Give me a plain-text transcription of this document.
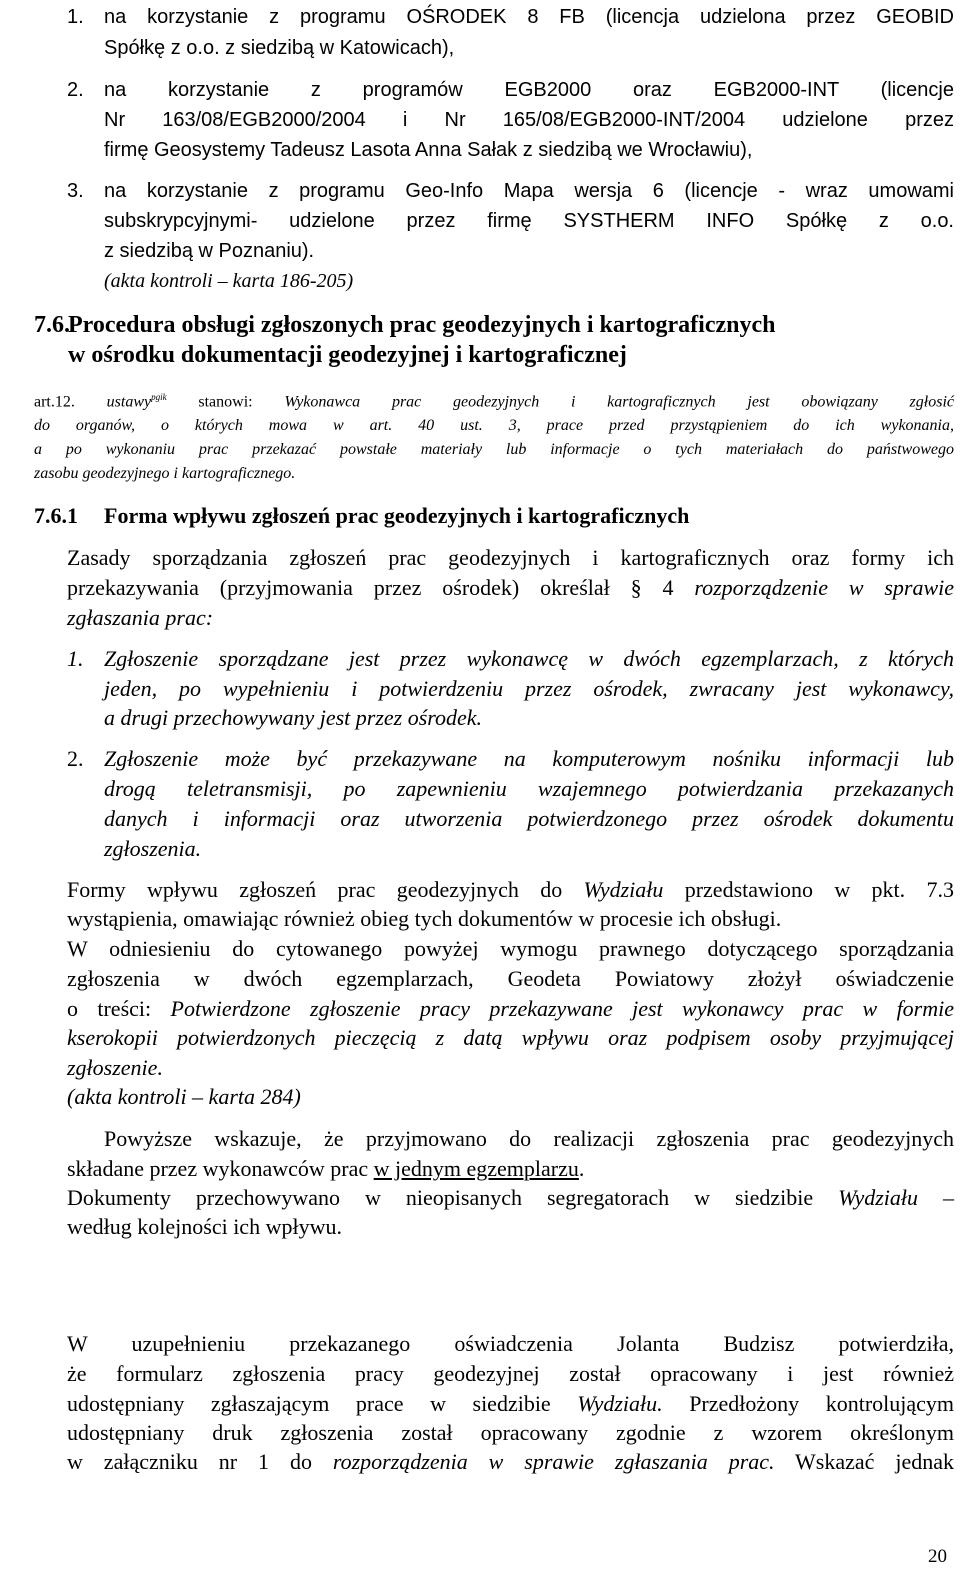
1. na korzystanie z programu OŚRODEK 8 FB (licencja udzielona przez GEOBID
Spółkę z o.o. z siedzibą w Katowicach),
2. na korzystanie z programów EGB2000 oraz EGB2000-INT (licencje
Nr 163/08/EGB2000/2004 i Nr 165/08/EGB2000-INT/2004 udzielone przez
firmę Geosystemy Tadeusz Lasota Anna Sałak z siedzibą we Wrocławiu),
3. na korzystanie z programu Geo-Info Mapa wersja 6 (licencje - wraz umowami
subskrypcyjnymi- udzielone przez firmę SYSTHERM INFO Spółkę z o.o.
z siedzibą w Poznaniu).
(akta kontroli – karta 186-205)
7.6.
Procedura obsługi zgłoszonych prac geodezyjnych i kartograficznych
w ośrodku dokumentacji geodezyjnej i kartograficznej
art.12. ustawy$^{pgik}$ stanowi: Wykonawca prac geodezyjnych i kartograficznych jest obowiązany zgłosić
do organów, o których mowa w art. 40 ust. 3, prace przed przystąpieniem do ich wykonania,
a po wykonaniu prac przekazać powstałe materiały lub informacje o tych materiałach do państwowego
zasobu geodezyjnego i kartograficznego.
7.6.1 Forma wpływu zgłoszeń prac geodezyjnych i kartograficznych
Zasady sporządzania zgłoszeń prac geodezyjnych i kartograficznych oraz formy ich
przekazywania (przyjmowania przez ośrodek) określał § 4 rozporządzenie w sprawie
zgłaszania prac:
1. Zgłoszenie sporządzane jest przez wykonawcę w dwóch egzemplarzach, z których
jeden, po wypełnieniu i potwierdzeniu przez ośrodek, zwracany jest wykonawcy,
a drugi przechowywany jest przez ośrodek.
2. Zgłoszenie może być przekazywane na komputerowym nośniku informacji lub
drogą teletransmisji, po zapewnieniu wzajemnego potwierdzania przekazanych
danych i informacji oraz utworzenia potwierdzonego przez ośrodek dokumentu
zgłoszenia.
Formy wpływu zgłoszeń prac geodezyjnych do Wydziału przedstawiono w pkt. 7.3
wystąpienia, omawiając również obieg tych dokumentów w procesie ich obsługi.
W odniesieniu do cytowanego powyżej wymogu prawnego dotyczącego sporządzania
zgłoszenia w dwóch egzemplarzach, Geodeta Powiatowy złożył oświadczenie
o treści: Potwierdzone zgłoszenie pracy przekazywane jest wykonawcy prac w formie
kserokopii potwierdzonych pieczęcią z datą wpływu oraz podpisem osoby przyjmującej
zgłoszenie.
(akta kontroli – karta 284)
Powyższe wskazuje, że przyjmowano do realizacji zgłoszenia prac geodezyjnych
składane przez wykonawców prac w jednym egzemplarzu.
Dokumenty przechowywano w nieopisanych segregatorach w siedzibie Wydziału –
według kolejności ich wpływu.
W uzupełnieniu przekazanego oświadczenia Jolanta Budzisz potwierdziła,
że formularz zgłoszenia pracy geodezyjnej został opracowany i jest również
udostępniany zgłaszającym prace w siedzibie Wydziału. Przedłożony kontrolującym
udostępniany druk zgłoszenia został opracowany zgodnie z wzorem określonym
w załączniku nr 1 do rozporządzenia w sprawie zgłaszania prac. Wskazać jednak
20
